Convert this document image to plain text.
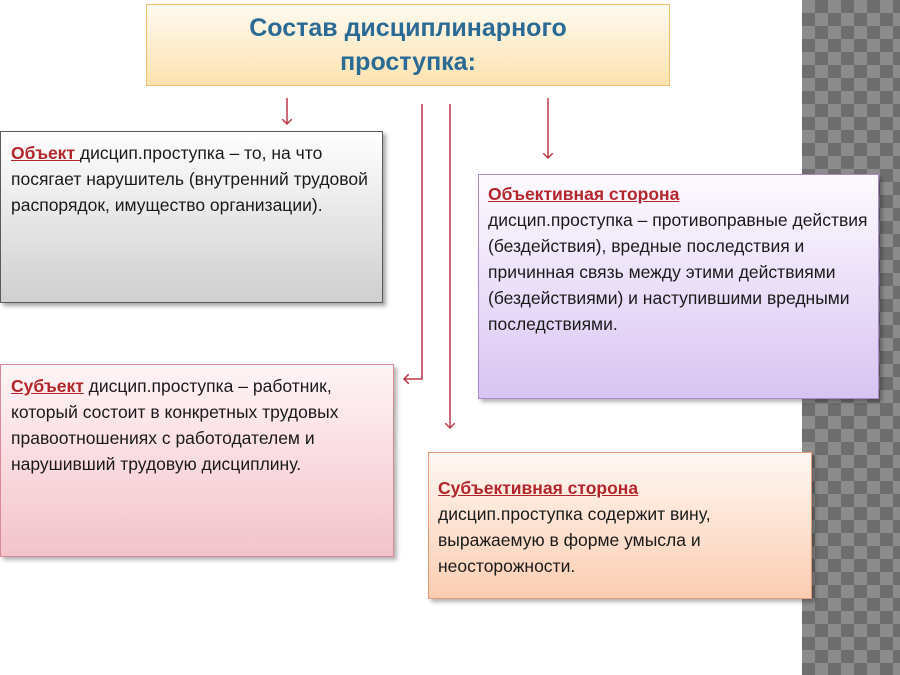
Состав дисциплинарного проступка:
Объект дисцип.проступка – то, на что посягает нарушитель (внутренний трудовой распорядок, имущество организации).
Объективная сторона
дисцип.проступка – противоправные действия (бездействия), вредные последствия и причинная связь между этими действиями (бездействиями) и наступившими вредными последствиями.
Субъект дисцип.проступка – работник, который состоит в конкретных трудовых правоотношениях с работодателем и нарушивший трудовую дисциплину.
Субъективная сторона
дисцип.проступка содержит вину, выражаемую в форме умысла и неосторожности.
